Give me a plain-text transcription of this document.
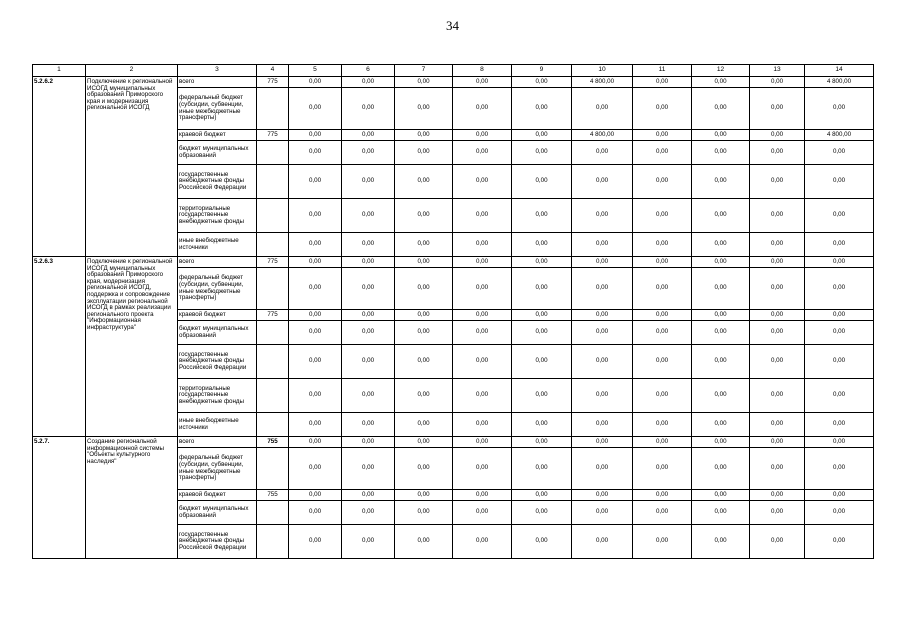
34
1	2	3	4	5	6	7	8	9	10	11	12	13	14
5.2.6.2	Подключение к региональной ИСОГД муниципальных образований Приморского края и модернизация региональной ИСОГД	всего	775	0,00	0,00	0,00	0,00	0,00	4 800,00	0,00	0,00	0,00	4 800,00
		федеральный бюджет (субсидии, субвенции, иные межбюджетные трансферты)		0,00	0,00	0,00	0,00	0,00	0,00	0,00	0,00	0,00	0,00
		краевой бюджет	775	0,00	0,00	0,00	0,00	0,00	4 800,00	0,00	0,00	0,00	4 800,00
		бюджет муниципальных образований		0,00	0,00	0,00	0,00	0,00	0,00	0,00	0,00	0,00	0,00
		государственные внебюджетные фонды Российской Федерации		0,00	0,00	0,00	0,00	0,00	0,00	0,00	0,00	0,00	0,00
		территориальные государственные внебюджетные фонды		0,00	0,00	0,00	0,00	0,00	0,00	0,00	0,00	0,00	0,00
		иные внебюджетные источники		0,00	0,00	0,00	0,00	0,00	0,00	0,00	0,00	0,00	0,00
5.2.6.3	Подключение к региональной ИСОГД муниципальных образований Приморского края, модернизация региональной ИСОГД, поддержка и сопровождение эксплуатации региональной ИСОГД в рамках реализации регионального проекта "Информационная инфраструктура"	всего	775	0,00	0,00	0,00	0,00	0,00	0,00	0,00	0,00	0,00	0,00
		федеральный бюджет (субсидии, субвенции, иные межбюджетные трансферты)		0,00	0,00	0,00	0,00	0,00	0,00	0,00	0,00	0,00	0,00
		краевой бюджет	775	0,00	0,00	0,00	0,00	0,00	0,00	0,00	0,00	0,00	0,00
		бюджет муниципальных образований		0,00	0,00	0,00	0,00	0,00	0,00	0,00	0,00	0,00	0,00
		государственные внебюджетные фонды Российской Федерации		0,00	0,00	0,00	0,00	0,00	0,00	0,00	0,00	0,00	0,00
		территориальные государственные внебюджетные фонды		0,00	0,00	0,00	0,00	0,00	0,00	0,00	0,00	0,00	0,00
		иные внебюджетные источники		0,00	0,00	0,00	0,00	0,00	0,00	0,00	0,00	0,00	0,00
5.2.7.	Создание региональной информационной системы "Объекты культурного наследия"	всего	755	0,00	0,00	0,00	0,00	0,00	0,00	0,00	0,00	0,00	0,00
		федеральный бюджет (субсидии, субвенции, иные межбюджетные трансферты)		0,00	0,00	0,00	0,00	0,00	0,00	0,00	0,00	0,00	0,00
		краевой бюджет	755	0,00	0,00	0,00	0,00	0,00	0,00	0,00	0,00	0,00	0,00
		бюджет муниципальных образований		0,00	0,00	0,00	0,00	0,00	0,00	0,00	0,00	0,00	0,00
		государственные внебюджетные фонды Российской Федерации		0,00	0,00	0,00	0,00	0,00	0,00	0,00	0,00	0,00	0,00
